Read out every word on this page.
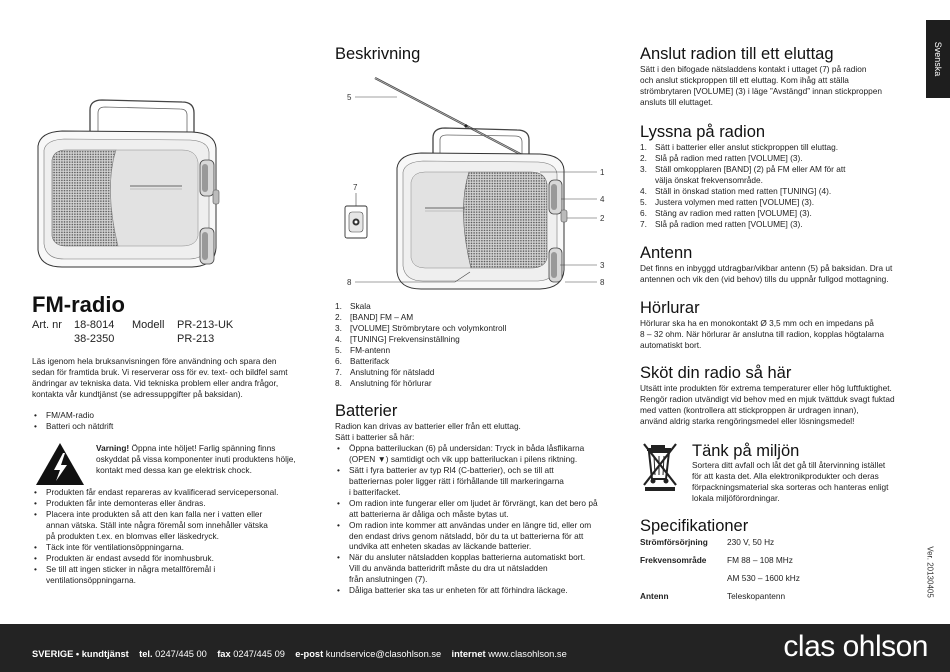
Svenska
FM-radio
Art. nr 18-8014
38-2350
Modell PR-213-UK
PR-213

Läs igenom hela bruksanvisningen före användning och spara den
sedan för framtida bruk. Vi reserverar oss för ev. text- och bildfel samt
ändringar av tekniska data. Vid tekniska problem eller andra frågor,
kontakta vår kundtjänst (se adressuppgifter på baksidan).

• FM/AM-radio
• Batteri och nätdrift

Varning! Öppna inte höljet! Farlig spänning finns
oskyddat på vissa komponenter inuti produktens hölje,
kontakt med dessa kan ge elektrisk chock.

• Produkten får endast repareras av kvalificerad servicepersonal.
• Produkten får inte demonteras eller ändras.
• Placera inte produkten så att den kan falla ner i vatten eller
annan vätska. Ställ inte några föremål som innehåller vätska
på produkten t.ex. en blomvas eller läskedryck.
• Täck inte för ventilationsöppningarna.
• Produkten är endast avsedd för inomhusbruk.
• Se till att ingen sticker in några metallföremål i
ventilationsöppningarna.
Beskrivning
5
7
8
1
4
2
3
8
1. Skala
2. [BAND] FM – AM
3. [VOLUME] Strömbrytare och volymkontroll
4. [TUNING] Frekvensinställning
5. FM-antenn
6. Batterifack
7. Anslutning för nätsladd
8. Anslutning för hörlurar
Batterier

Radion kan drivas av batterier eller från ett eluttag.
Sätt i batterier så här:

• Öppna batteriluckan (6) på undersidan: Tryck in båda låsflikarna
(OPEN ▼) samtidigt och vik upp batteriluckan i pilens riktning.
• Sätt i fyra batterier av typ Rl4 (C-batterier), och se till att
batteriernas poler ligger rätt i förhållande till markeringarna
i batterifacket.
• Om radion inte fungerar eller om ljudet är förvrängt, kan det bero på
att batterierna är dåliga och måste bytas ut.
• Om radion inte kommer att användas under en längre tid, eller om
den endast drivs genom nätsladd, bör du ta ut batterierna för att
undvika att enheten skadas av läckande batterier.
• När du ansluter nätsladden kopplas batterierna automatiskt bort.
Vill du använda batteridrift måste du dra ut nätsladden
från anslutningen (7).
• Dåliga batterier ska tas ur enheten för att förhindra läckage.
Anslut radion till ett eluttag

Sätt i den bifogade nätsladdens kontakt i uttaget (7) på radion
och anslut stickproppen till ett eluttag. Kom ihåg att ställa
strömbrytaren [VOLUME] (3) i läge ”Avstängd” innan stickproppen
ansluts till eluttaget.

Lyssna på radion
1. Sätt i batterier eller anslut stickproppen till eluttag.
2. Slå på radion med ratten [VOLUME] (3).
3. Ställ omkopplaren [BAND] (2) på FM eller AM för att
välja önskat frekvensområde.
4. Ställ in önskad station med ratten [TUNING] (4).
5. Justera volymen med ratten [VOLUME] (3).
6. Stäng av radion med ratten [VOLUME] (3).
7. Slå på radion med ratten [VOLUME] (3).
Antenn

Det finns en inbyggd utdragbar/vikbar antenn (5) på baksidan. Dra ut
antennen och vik den (vid behov) tills du uppnår fullgod mottagning.

Hörlurar

Hörlurar ska ha en monokontakt Ø 3,5 mm och en impedans på
8 – 32 ohm. När hörlurar är anslutna till radion, kopplas högtalarna
automatiskt bort.

Sköt din radio så här

Utsätt inte produkten för extrema temperaturer eller hög luftfuktighet.
Rengör radion utvändigt vid behov med en mjuk tvättduk svagt fuktad
med vatten (kontrollera att stickproppen är urdragen innan),
använd aldrig starka rengöringsmedel eller lösningsmedel!

Tänk på miljön

Sortera ditt avfall och låt det gå till återvinning istället
för att kasta det. Alla elektronikprodukter och deras
förpackningsmaterial ska sorteras och hanteras enligt
lokala miljöförordningar.

Specifikationer
Strömförsörjning	230 V, 50 Hz
Frekvensområde	FM 88 – 108 MHz
	AM 530 – 1600 kHz
Antenn	Teleskopantenn	Ver. 20130405
SVERIGE • kundtjänst tel. 0247/445 00 fax 0247/445 09 e-post kundservice@clasohlson.se internet www.clasohlson.se	clas ohlson
